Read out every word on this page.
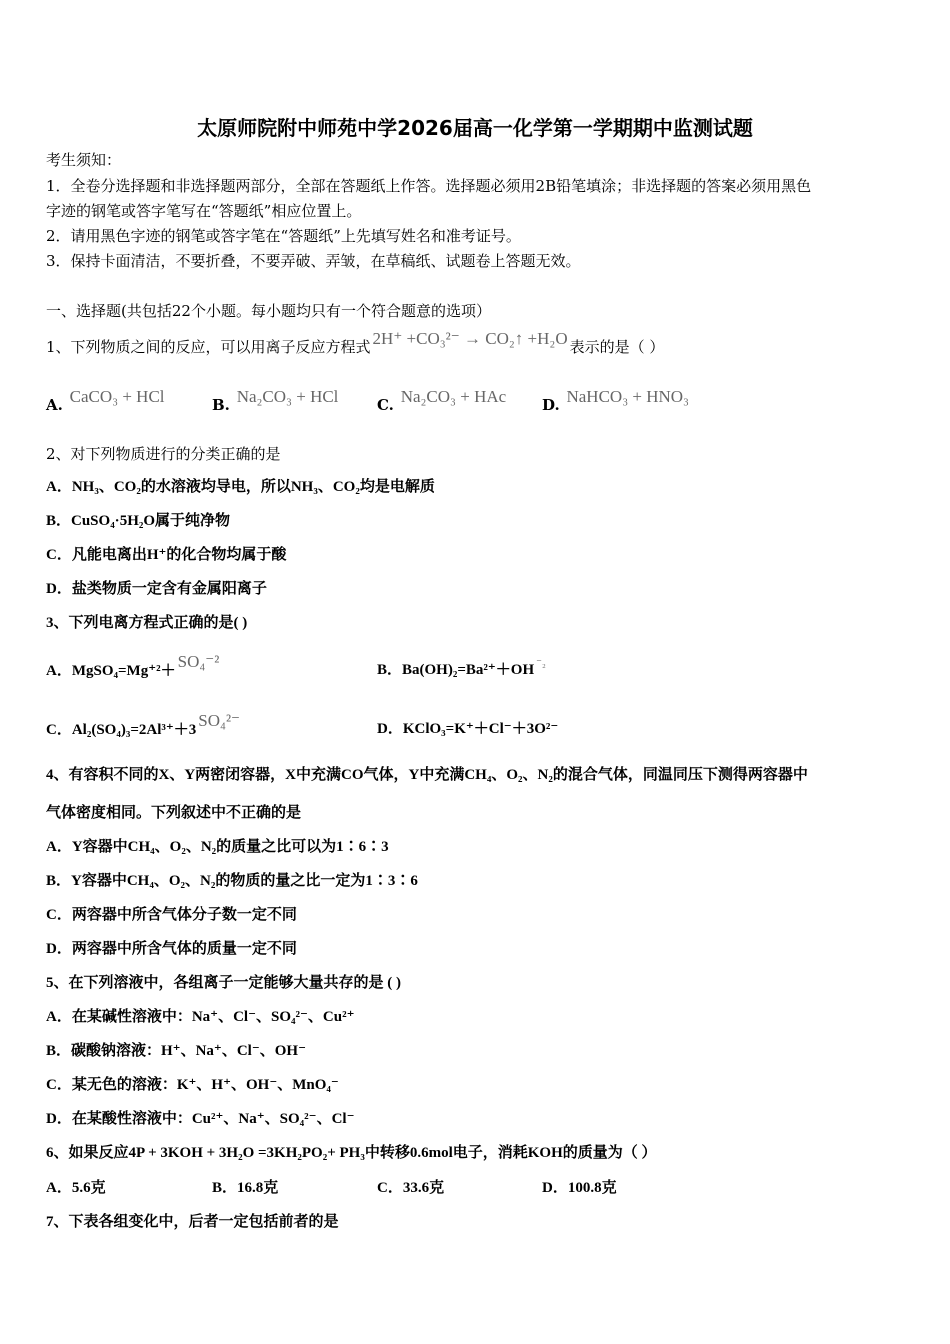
太原师院附中师苑中学2026届高一化学第一学期期中监测试题
考生须知：
1．全卷分选择题和非选择题两部分，全部在答题纸上作答。选择题必须用2B铅笔填涂；非选择题的答案必须用黑色
字迹的钢笔或答字笔写在“答题纸”相应位置上。
2．请用黑色字迹的钢笔或答字笔在“答题纸”上先填写姓名和准考证号。
3．保持卡面清洁，不要折叠，不要弄破、弄皱，在草稿纸、试题卷上答题无效。
一、选择题(共包括22个小题。每小题均只有一个符合题意的选项）
1、下列物质之间的反应，可以用离子反应方程式 2H⁺ +CO₃²⁻ → CO₂↑ +H₂O 表示的是（ ）
A. CaCO₃ + HCl	B. Na₂CO₃ + HCl	C. Na₂CO₃ + HAc D. NaHCO₃ + HNO₃
2、对下列物质进行的分类正确的是
A．NH₃、CO₂的水溶液均导电，所以NH₃、CO₂均是电解质
B．CuSO₄·5H₂O属于纯净物
C．凡能电离出H⁺的化合物均属于酸
D．盐类物质一定含有金属阳离子
3、下列电离方程式正确的是( )
A．MgSO₄=Mg⁺²＋ SO₄⁻²	B．Ba(OH)₂=Ba²⁺＋OH $^{^-_2}$
C．Al₂(SO₄)₃=2Al³⁺＋3 SO₄²⁻	D．KClO₃=K⁺＋Cl⁻＋3O²⁻
4、有容积不同的X、Y两密闭容器，X中充满CO气体，Y中充满CH₄、O₂、N₂的混合气体，同温同压下测得两容器中
气体密度相同。下列叙述中不正确的是
A．Y容器中CH₄、O₂、N₂的质量之比可以为1∶6∶3
B．Y容器中CH₄、O₂、N₂的物质的量之比一定为1∶3∶6
C．两容器中所含气体分子数一定不同
D．两容器中所含气体的质量一定不同
5、在下列溶液中，各组离子一定能够大量共存的是 ( )
A．在某碱性溶液中：Na⁺、Cl⁻、SO₄²⁻、Cu²⁺
B．碳酸钠溶液：H⁺、Na⁺、Cl⁻、OH⁻
C．某无色的溶液：K⁺、H⁺、OH⁻、MnO₄⁻
D．在某酸性溶液中：Cu²⁺、Na⁺、SO₄²⁻、Cl⁻
6、如果反应4P + 3KOH + 3H₂O =3KH₂PO₂+ PH₃中转移0.6mol电子，消耗KOH的质量为（ ）
A．5.6克	B．16.8克	C．33.6克	D．100.8克
7、下表各组变化中，后者一定包括前者的是
